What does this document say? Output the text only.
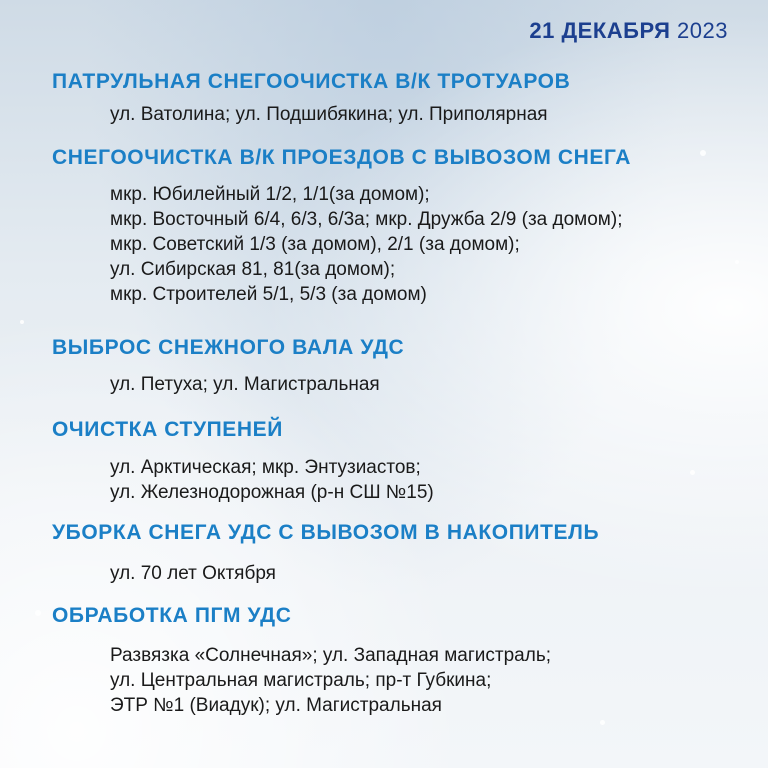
21 ДЕКАБРЯ 2023
ПАТРУЛЬНАЯ СНЕГООЧИСТКА В/К ТРОТУАРОВ
ул. Ватолина; ул. Подшибякина; ул. Приполярная
СНЕГООЧИСТКА В/К ПРОЕЗДОВ С ВЫВОЗОМ СНЕГА
мкр. Юбилейный 1/2, 1/1(за домом);
мкр. Восточный 6/4, 6/3, 6/3а; мкр. Дружба 2/9 (за домом);
мкр. Советский 1/3 (за домом), 2/1 (за домом);
ул. Сибирская 81, 81(за домом);
мкр. Строителей 5/1, 5/3 (за домом)
ВЫБРОС СНЕЖНОГО ВАЛА УДС
ул. Петуха; ул. Магистральная
ОЧИСТКА СТУПЕНЕЙ
ул. Арктическая; мкр. Энтузиастов;
ул. Железнодорожная (р-н СШ №15)
УБОРКА СНЕГА УДС С ВЫВОЗОМ В НАКОПИТЕЛЬ
ул. 70 лет Октября
ОБРАБОТКА ПГМ УДС
Развязка «Солнечная»; ул. Западная магистраль;
ул. Центральная магистраль; пр-т Губкина;
ЭТР №1 (Виадук); ул. Магистральная
